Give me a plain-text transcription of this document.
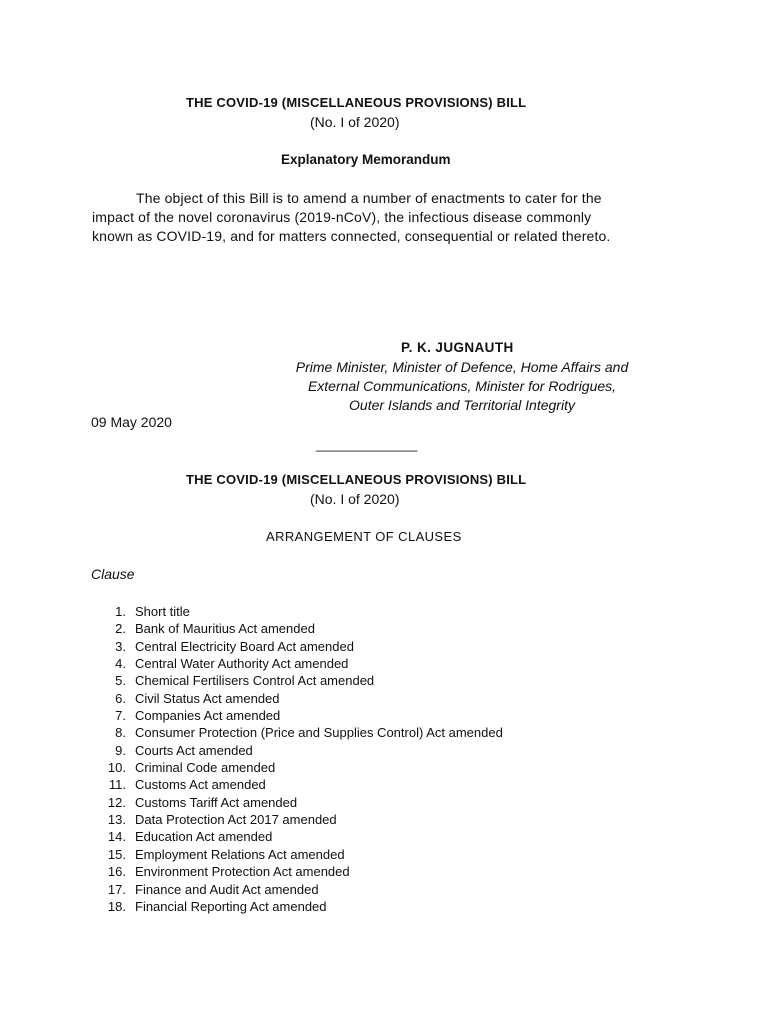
THE COVID-19 (MISCELLANEOUS PROVISIONS) BILL
(No. I of 2020)
Explanatory Memorandum
The object of this Bill is to amend a number of enactments to cater for the
impact of the novel coronavirus (2019-nCoV), the infectious disease commonly
known as COVID-19, and for matters connected, consequential or related thereto.
P. K. JUGNAUTH
Prime Minister, Minister of Defence, Home Affairs and
External Communications, Minister for Rodrigues,
Outer Islands and Territorial Integrity
09 May 2020
______________
THE COVID-19 (MISCELLANEOUS PROVISIONS) BILL
(No. I of 2020)
ARRANGEMENT OF CLAUSES
Clause
1. Short title
2. Bank of Mauritius Act amended
3. Central Electricity Board Act amended
4. Central Water Authority Act amended
5. Chemical Fertilisers Control Act amended
6. Civil Status Act amended
7. Companies Act amended
8. Consumer Protection (Price and Supplies Control) Act amended
9. Courts Act amended
10. Criminal Code amended
11. Customs Act amended
12. Customs Tariff Act amended
13. Data Protection Act 2017 amended
14. Education Act amended
15. Employment Relations Act amended
16. Environment Protection Act amended
17. Finance and Audit Act amended
18. Financial Reporting Act amended
